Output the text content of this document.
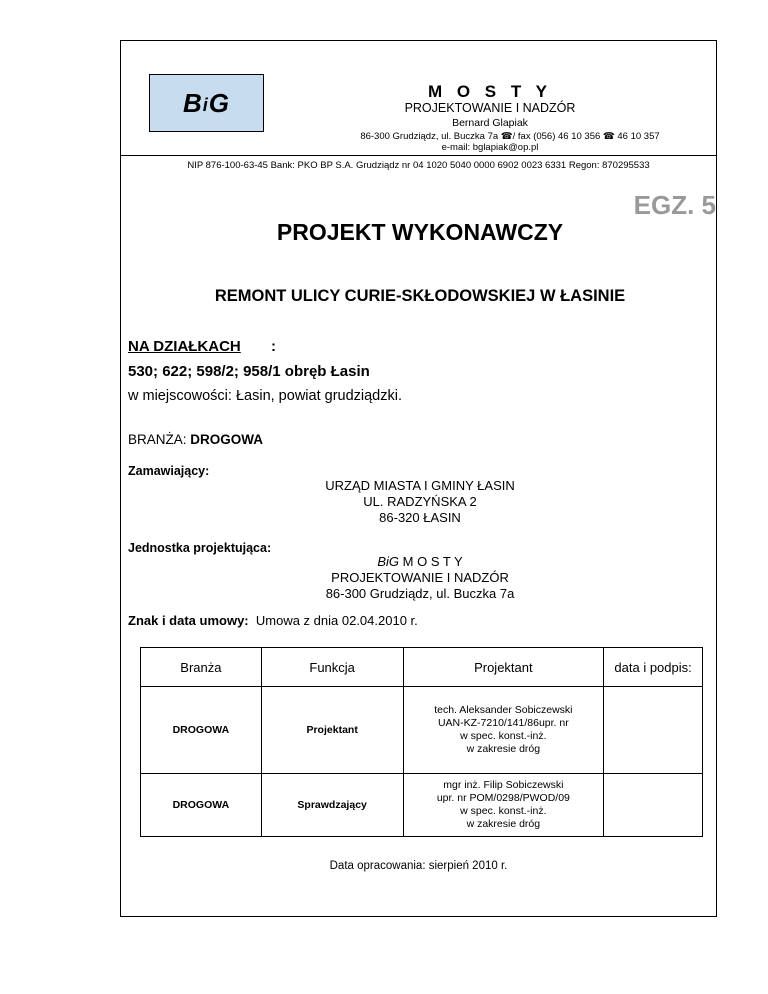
BiG	M O S T Y
PROJEKTOWANIE I NADZÓR
Bernard Glapiak
86-300 Grudziądz, ul. Buczka 7a ☎/ fax (056) 46 10 356 ☎ 46 10 357
e-mail: bglapiak@op.pl
NIP 876-100-63-45 Bank: PKO BP S.A. Grudziądz nr 04 1020 5040 0000 6902 0023 6331 Regon: 870295533
EGZ. 5
PROJEKT WYKONAWCZY
REMONT ULICY CURIE-SKŁODOWSKIEJ W ŁASINIE
NA DZIAŁKACH :
530; 622; 598/2; 958/1 obręb Łasin
w miejscowości: Łasin, powiat grudziądzki.
BRANŻA: DROGOWA
Zamawiający:
URZĄD MIASTA I GMINY ŁASIN
UL. RADZYŃSKA 2
86-320 ŁASIN
Jednostka projektująca:
BiG M O S T Y
PROJEKTOWANIE I NADZÓR
86-300 Grudziądz, ul. Buczka 7a
Znak i data umowy: Umowa z dnia 02.04.2010 r.
Branża	Funkcja	Projektant	data i podpis:
DROGOWA	Projektant	tech. Aleksander Sobiczewski
UAN-KZ-7210/141/86upr. nr
w spec. konst.-inż.
w zakresie dróg	

DROGOWA	Sprawdzający	mgr inż. Filip Sobiczewski
upr. nr POM/0298/PWOD/09
w spec. konst.-inż.
w zakresie dróg	

Data opracowania: sierpień 2010 r.
